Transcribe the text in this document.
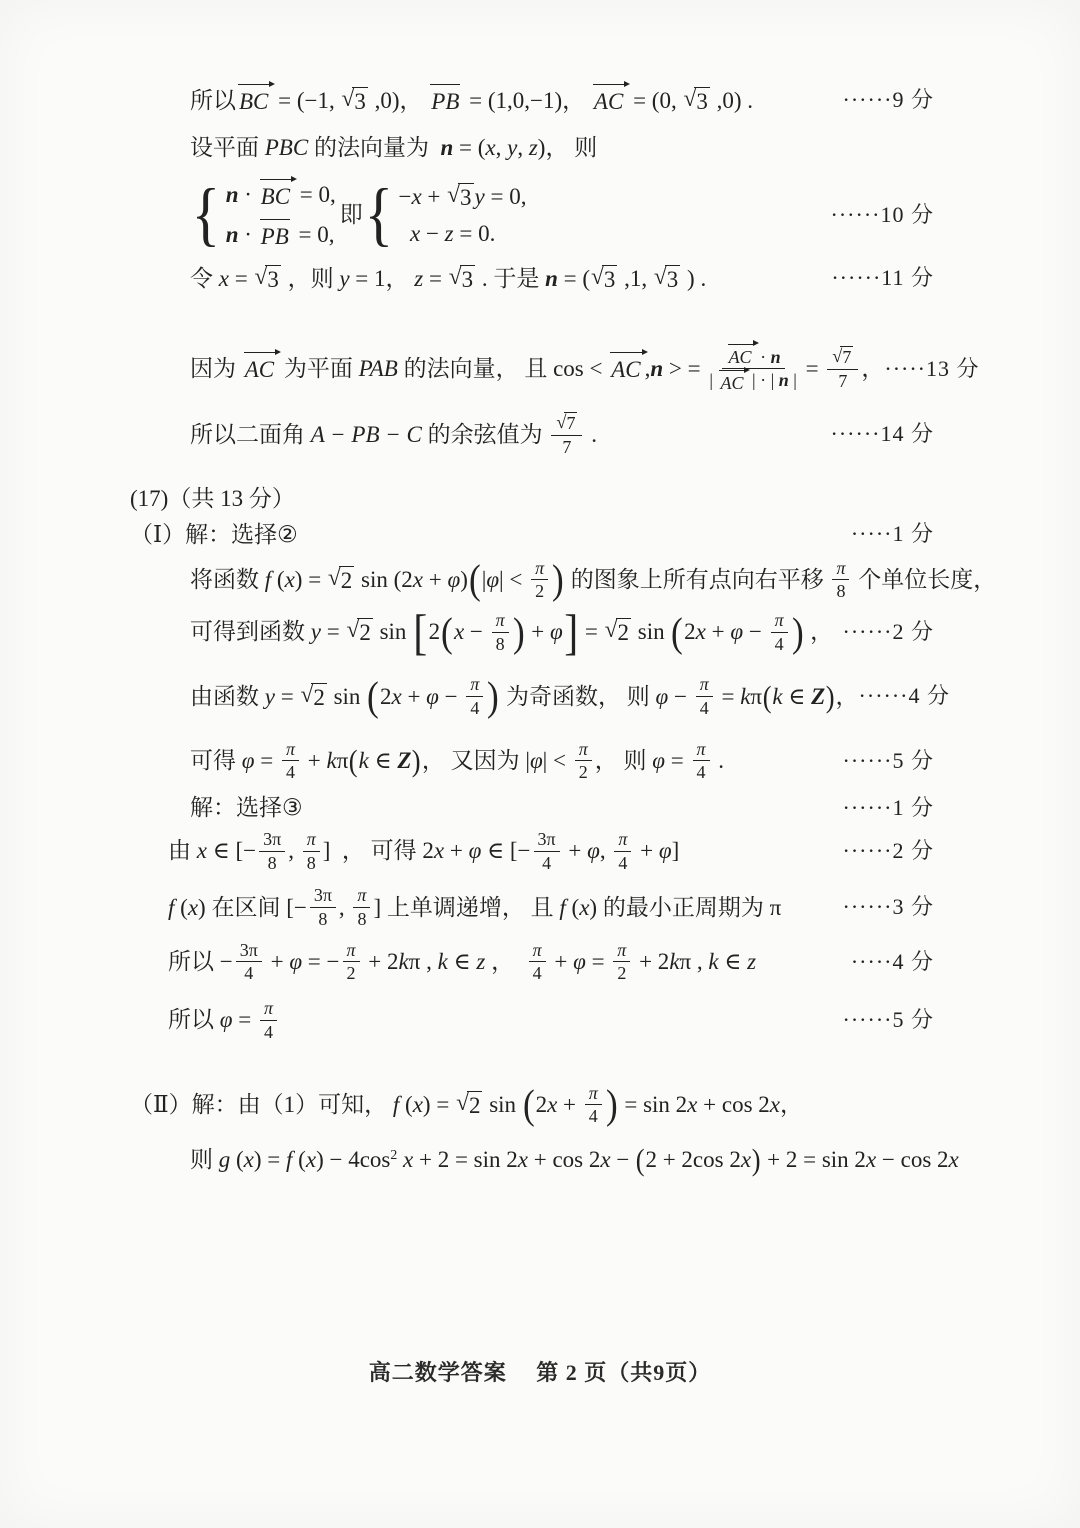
所以 BC = (−1, √ 3 ,0)， PB = (1,0,−1)， AC = (0, √ 3 ,0) .	······9 分
设平面 PBC 的法向量为 n = ( x , y , z )， 则
{ n · BC = 0,
n · PB = 0,
即 { − x + √ 3 y = 0,

x − z = 0.
······10 分
令 x = √ 3 ，则 y = 1， z = √ 3 . 于是 n = ( √ 3 ,1, √ 3 ) .	······11 分
因为 AC 为平面 PAB 的法向量， 且 cos < AC , n > = $\frac{AC \cdot n}{| AC | \cdot | n |} = \frac{√ 7}{7}$ ， ·····13 分
所以二面角 A − PB − C 的余弦值为 $\frac{√ 7}{7}$ .	······14 分
(17)（共 13 分）
（Ⅰ）解：选择②	·····1 分
将函数 f ( x ) = √ 2 sin (2 x + φ ) ( | φ | < $\frac{\pi}{2}$ ) 的图象上所有点向右平移 $\frac{\pi}{8}$ 个单位长度，
可得到函数 y = √ 2 sin [ 2 ( $x - \frac{\pi}{8}$ ) + φ ] = √ 2 sin ( 2 $x + \varphi - \frac{\pi}{4}$ ) ， ······2 分
由函数 y = √ 2 sin ( 2 $x + \varphi - \frac{\pi}{4}$ ) 为奇函数， 则 $\varphi - \frac{\pi}{4} = k$ π ( k ∈ Z ) ， ······4 分
可得 $\varphi = \frac{\pi}{4} + k$ π ( k ∈ Z ) ， 又因为 | φ | < $\frac{\pi}{2}$ ， 则 $\varphi = \frac{\pi}{4}$ .	······5 分
解：选择③	······1 分
由 x ∈ [− $\frac{3\pi}{8}$ , $\frac{\pi}{8}$ ]  ， 可得 2 x + φ ∈ [− $\frac{3\pi}{4} + \varphi$ , $\frac{\pi}{4} + \varphi$ ]	······2 分
f ( x ) 在区间 [− $\frac{3\pi}{8}$ , $\frac{\pi}{8}$ ] 上单调递增， 且 f ( x ) 的最小正周期为 π	······3 分
所以 − $\frac{3\pi}{4} + \varphi$ = − $\frac{\pi}{2} + 2$ k π , k ∈ z ， $\frac{\pi}{4} + \varphi = \frac{\pi}{2} + 2$ k π , k ∈ z	·····4 分
所以 $\varphi = \frac{\pi}{4}$	······5 分
（Ⅱ）解：由（1）可知， f ( x ) = √ 2 sin ( 2 $x + \frac{\pi}{4}$ ) = sin 2 x + cos 2 x ，
则 g ( x ) = f ( x ) − 4cos 2
x + 2 = sin 2 x + cos 2 x − ( 2 + 2cos 2 x ) + 2 = sin 2 x − cos 2 x
高二数学答案　 第 2 页（共9页）
